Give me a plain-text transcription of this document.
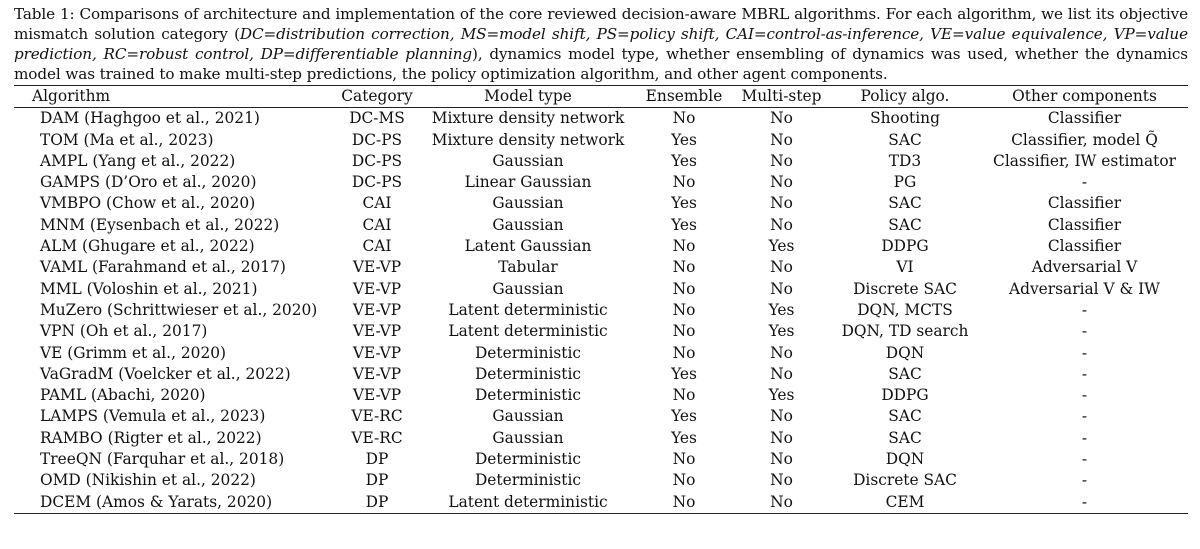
Table 1: Comparisons of architecture and implementation of the core reviewed decision-aware MBRL algorithms. For each algorithm, we list its objective mismatch solution category (DC=distribution correction, MS=model shift, PS=policy shift, CAI=control-as-inference, VE=value equivalence, VP=value prediction, RC=robust control, DP=differentiable planning), dynamics model type, whether ensembling of dynamics was used, whether the dynamics model was trained to make multi-step predictions, the policy optimization algorithm, and other agent components.

Algorithm	Category	Model type	Ensemble	Multi-step	Policy algo.	Other components
DAM (Haghgoo et al., 2021)	DC-MS	Mixture density network	No	No	Shooting	Classifier
TOM (Ma et al., 2023)	DC-PS	Mixture density network	Yes	No	SAC	Classifier, model Q̃
AMPL (Yang et al., 2022)	DC-PS	Gaussian	Yes	No	TD3	Classifier, IW estimator
GAMPS (D’Oro et al., 2020)	DC-PS	Linear Gaussian	No	No	PG	-
VMBPO (Chow et al., 2020)	CAI	Gaussian	Yes	No	SAC	Classifier
MNM (Eysenbach et al., 2022)	CAI	Gaussian	Yes	No	SAC	Classifier
ALM (Ghugare et al., 2022)	CAI	Latent Gaussian	No	Yes	DDPG	Classifier
VAML (Farahmand et al., 2017)	VE-VP	Tabular	No	No	VI	Adversarial V
MML (Voloshin et al., 2021)	VE-VP	Gaussian	No	No	Discrete SAC	Adversarial V & IW
MuZero (Schrittwieser et al., 2020)	VE-VP	Latent deterministic	No	Yes	DQN, MCTS	-
VPN (Oh et al., 2017)	VE-VP	Latent deterministic	No	Yes	DQN, TD search	-
VE (Grimm et al., 2020)	VE-VP	Deterministic	No	No	DQN	-
VaGradM (Voelcker et al., 2022)	VE-VP	Deterministic	Yes	No	SAC	-
PAML (Abachi, 2020)	VE-VP	Deterministic	No	Yes	DDPG	-
LAMPS (Vemula et al., 2023)	VE-RC	Gaussian	Yes	No	SAC	-
RAMBO (Rigter et al., 2022)	VE-RC	Gaussian	Yes	No	SAC	-
TreeQN (Farquhar et al., 2018)	DP	Deterministic	No	No	DQN	-
OMD (Nikishin et al., 2022)	DP	Deterministic	No	No	Discrete SAC	-
DCEM (Amos & Yarats, 2020)	DP	Latent deterministic	No	No	CEM	-
